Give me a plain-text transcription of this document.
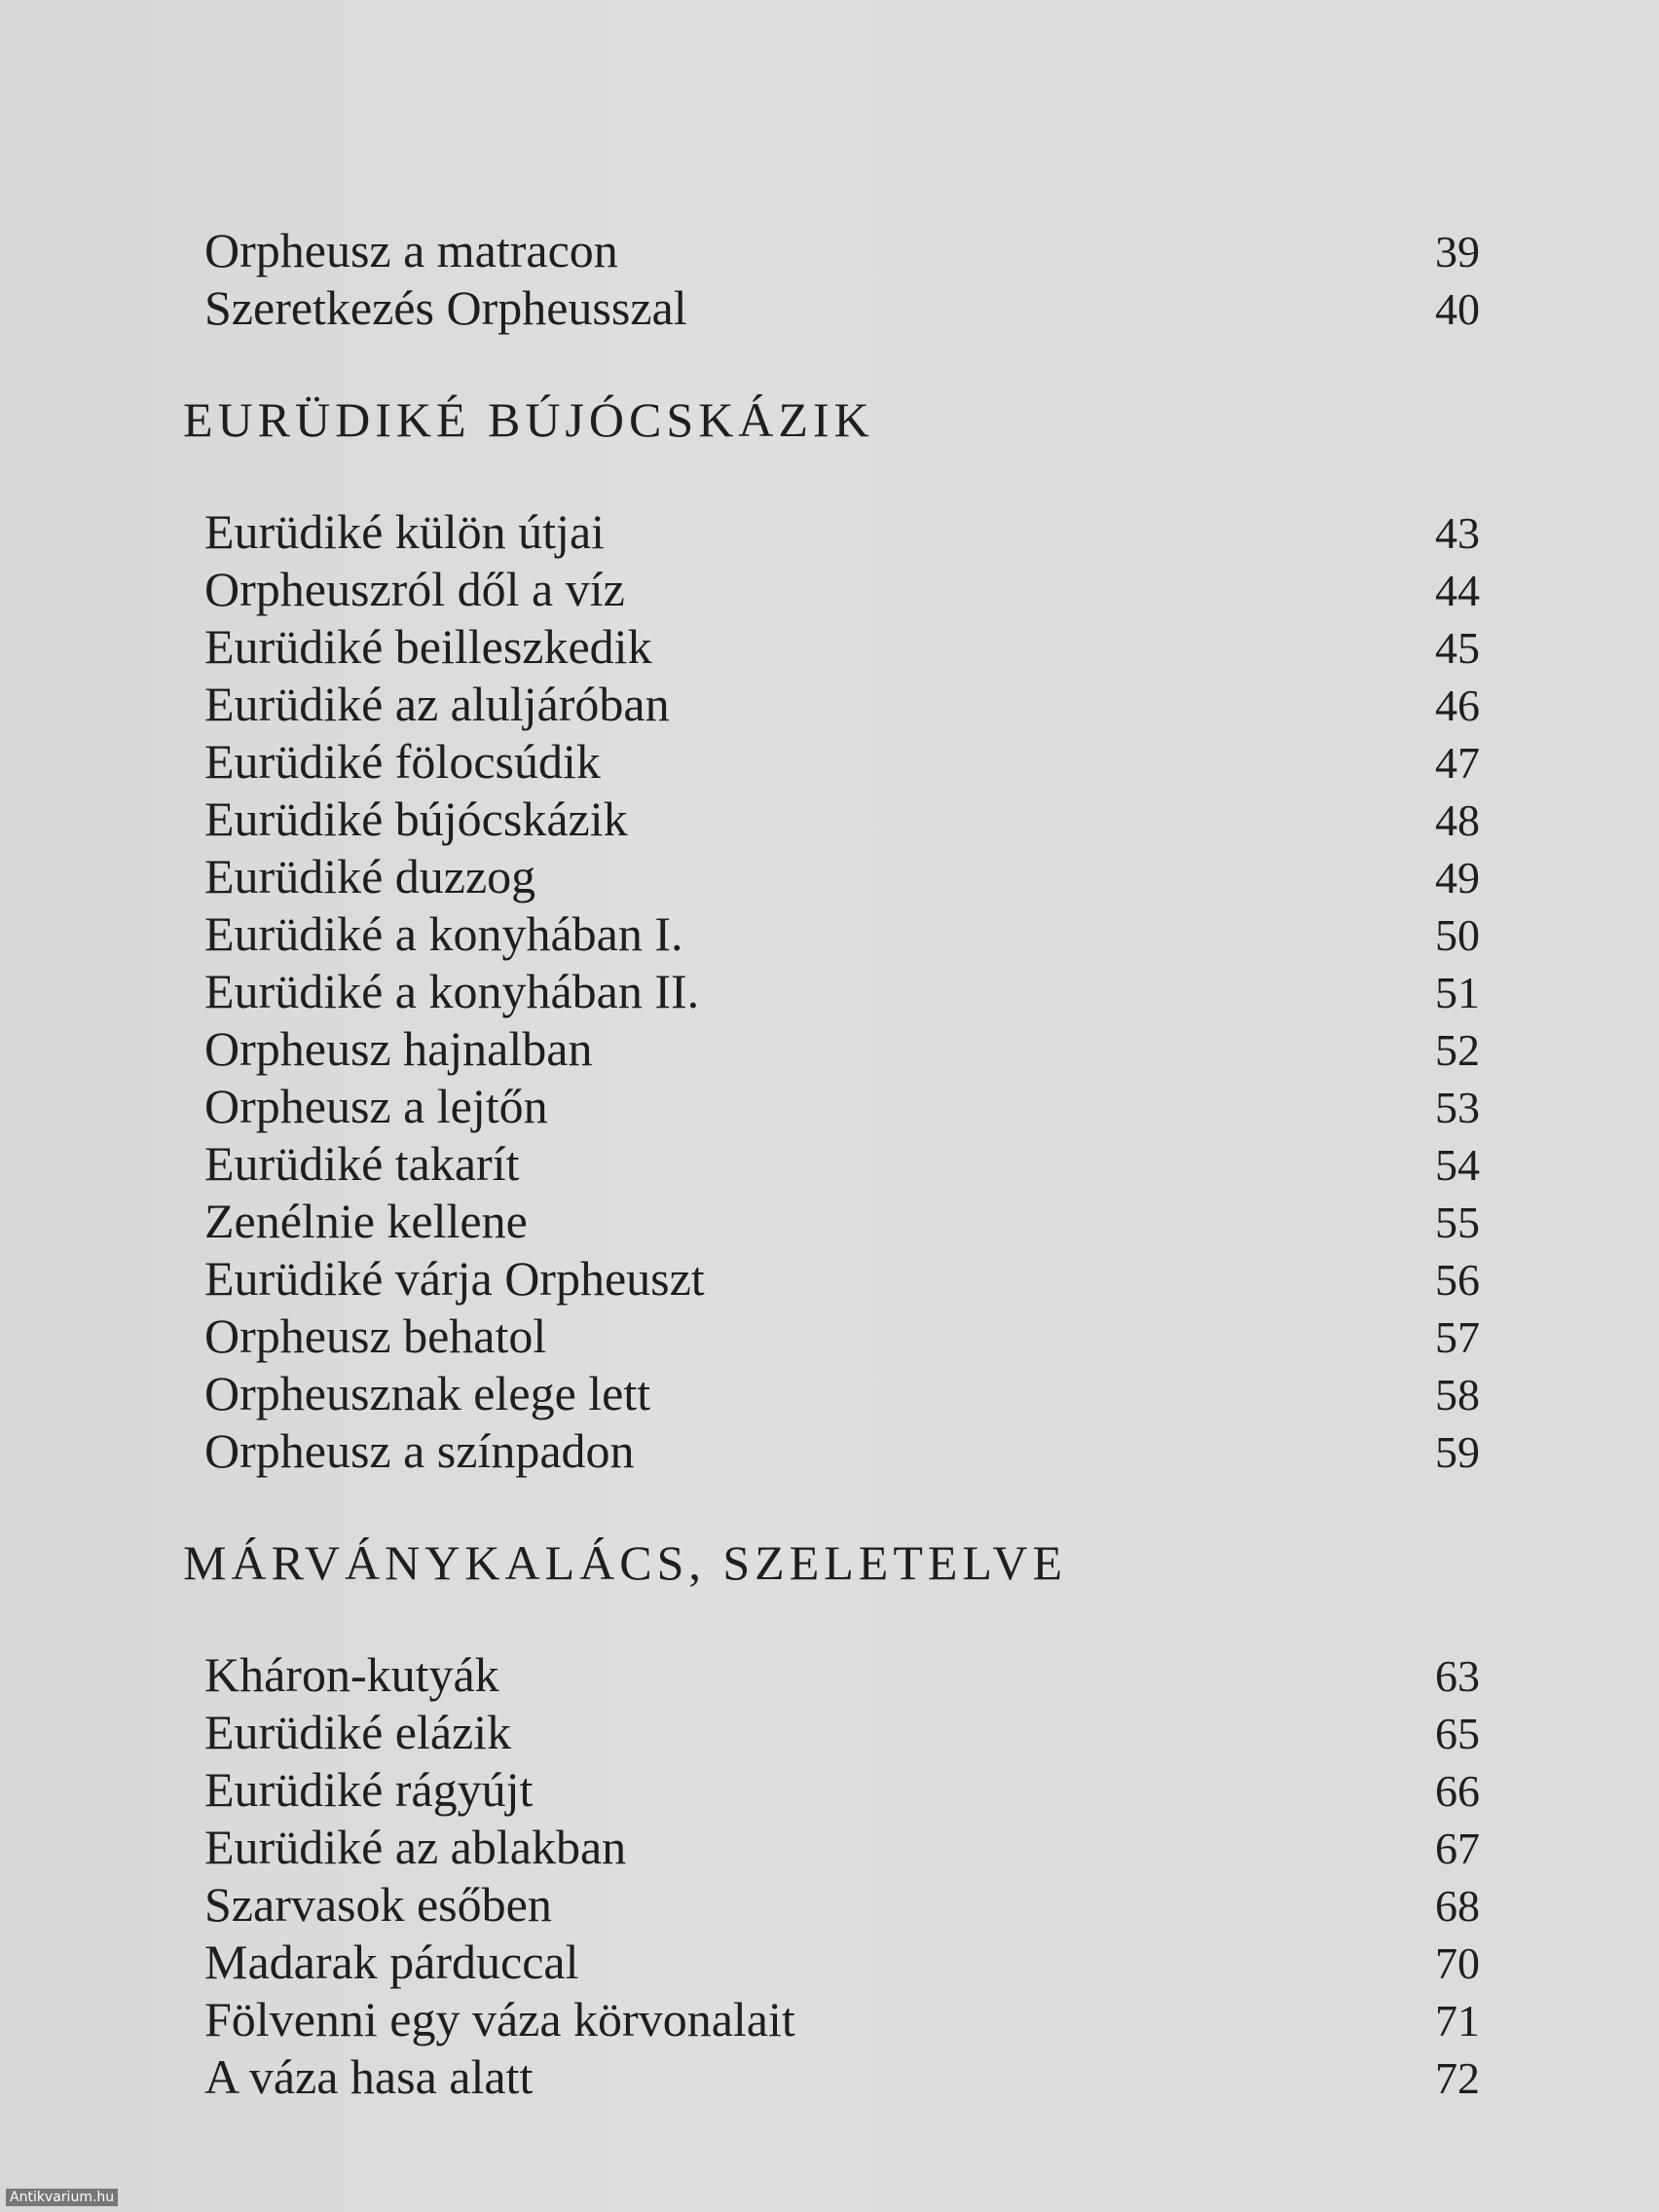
Orpheusz a matracon	39
Szeretkezés Orpheusszal	40
EURÜDIKÉ BÚJÓCSKÁZIK
Eurüdiké külön útjai	43
Orpheuszról dől a víz	44
Eurüdiké beilleszkedik	45
Eurüdiké az aluljáróban	46
Eurüdiké fölocsúdik	47
Eurüdiké bújócskázik	48
Eurüdiké duzzog	49
Eurüdiké a konyhában I.	50
Eurüdiké a konyhában II.	51
Orpheusz hajnalban	52
Orpheusz a lejtőn	53
Eurüdiké takarít	54
Zenélnie kellene	55
Eurüdiké várja Orpheuszt	56
Orpheusz behatol	57
Orpheusznak elege lett	58
Orpheusz a színpadon	59
MÁRVÁNYKALÁCS, SZELETELVE
Kháron-kutyák	63
Eurüdiké elázik	65
Eurüdiké rágyújt	66
Eurüdiké az ablakban	67
Szarvasok esőben	68
Madarak párduccal	70
Fölvenni egy váza körvonalait	71
A váza hasa alatt	72
Antikvarium.hu
